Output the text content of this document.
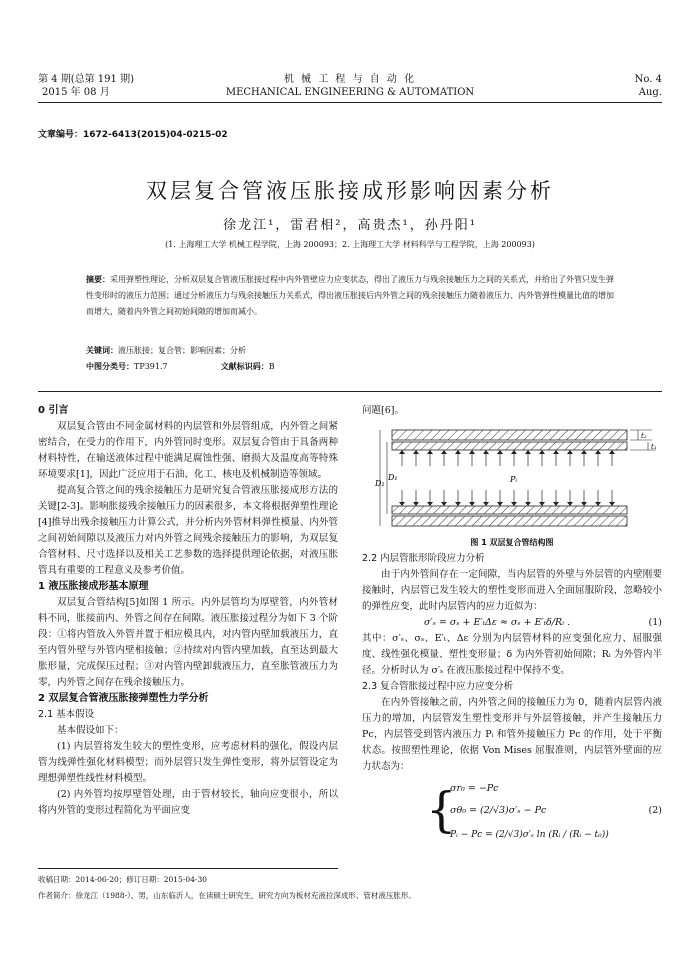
第 4 期(总第 191 期)
2015 年 08 月
机 械 工 程 与 自 动 化
MECHANICAL ENGINEERING & AUTOMATION
No. 4
Aug.
文章编号：1672-6413(2015)04-0215-02
双层复合管液压胀接成形影响因素分析
徐龙江¹，雷君相²，高贵杰¹，孙丹阳¹
(1. 上海理工大学 机械工程学院，上海 200093；2. 上海理工大学 材料科学与工程学院，上海 200093)
摘要：采用弹塑性理论，分析双层复合管液压胀接过程中内外管壁应力应变状态，得出了液压力与残余接触压力之间的关系式，并给出了外管只发生弹性变形时的液压力范围；通过分析液压力与残余接触压力关系式，得出液压胀接后内外管之间的残余接触压力随着液压力、内外管弹性模量比值的增加而增大，随着内外管之间初始间隙的增加而减小。
关键词：液压胀接；复合管；影响因素；分析
中图分类号：TP391.7	文献标识码：B
0 引言

双层复合管由不同金属材料的内层管和外层管组成，内外管之间紧密结合，在受力的作用下，内外管同时变形。双层复合管由于具备两种材料特性，在输送液体过程中能满足腐蚀性强、磨损大及温度高等特殊环境要求[1]，因此广泛应用于石油、化工、核电及机械制造等领域。

提高复合管之间的残余接触压力是研究复合管液压胀接成形方法的关键[2-3]。影响胀接残余接触压力的因素很多，本文将根据弹塑性理论[4]推导出残余接触压力计算公式，并分析内外管材料弹性模量、内外管之间初始间隙以及液压力对内外管之间残余接触压力的影响，为双层复合管材料、尺寸选择以及相关工艺参数的选择提供理论依据，对液压胀管具有重要的工程意义及参考价值。

1 液压胀接成形基本原理

双层复合管结构[5]如图 1 所示。内外层管均为厚壁管，内外管材料不同，胀接前内、外管之间存在间隙。液压胀接过程分为如下 3 个阶段：①将内管放入外管并置于相应模具内，对内管内壁加载液压力，直至内管外壁与外管内壁相接触；②持续对内管内壁加载，直至达到最大胀形量，完成保压过程；③对内管内壁卸载液压力，直至胀管液压力为零，内外管之间存在残余接触压力。

2 双层复合管液压胀接弹塑性力学分析
2.1 基本假设

基本假设如下：

(1) 内层管将发生较大的塑性变形，应考虑材料的强化，假设内层管为线弹性强化材料模型；而外层管只发生弹性变形，将外层管设定为理想弹塑性线性材料模型。

(2) 内外管均按厚壁管处理，由于管材较长，轴向应变很小，所以将内外管的变形过程简化为平面应变

问题[6]。
D₂
D₁	Pᵢ
t₂
t₁
图 1 双层复合管结构图
2.2 内层管胀形阶段应力分析

由于内外管间存在一定间隙，当内层管的外壁与外层管的内壁刚要接触时，内层管已发生较大的塑性变形而进入全面屈服阶段，忽略较小的弹性应变，此时内层管内的应力近似为：

σ′ₛ = σₛ + E′ₜΔε ≈ σₛ + E′ₜδ/Rᵢ .	(1)

其中：σ′ₛ、σₛ、E′ₜ、Δε 分别为内层管材料的应变强化应力、屈服强度、线性强化模量、塑性变形量；δ 为内外管初始间隙；Rᵢ 为外管内半径。分析时认为 σ′ₛ 在液压胀接过程中保持不变。

2.3 复合管胀接过程中应力应变分析

在内外管接触之前，内外管之间的接触压力为 0，随着内层管内液压力的增加，内层管发生塑性变形并与外层管接触，并产生接触压力 Pc，内层管受到管内液压力 Pᵢ 和管外接触压力 Pc 的作用，处于平衡状态。按照塑性理论，依据 Von Mises 屈服准则，内层管外壁面的应力状态为：

{
σr₀ = −Pc
σθ₀ = (2/√3)σ′ₛ − Pc
Pᵢ − Pc = (2/√3)σ′ₛ ln (Rᵢ / (Rᵢ − t₀))
(2)
收稿日期：2014-06-20；修订日期：2015-04-30
作者简介：徐龙江（1988-），男，山东临沂人，在读硕士研究生，研究方向为板材充液拉深成形、管材液压胀形。
